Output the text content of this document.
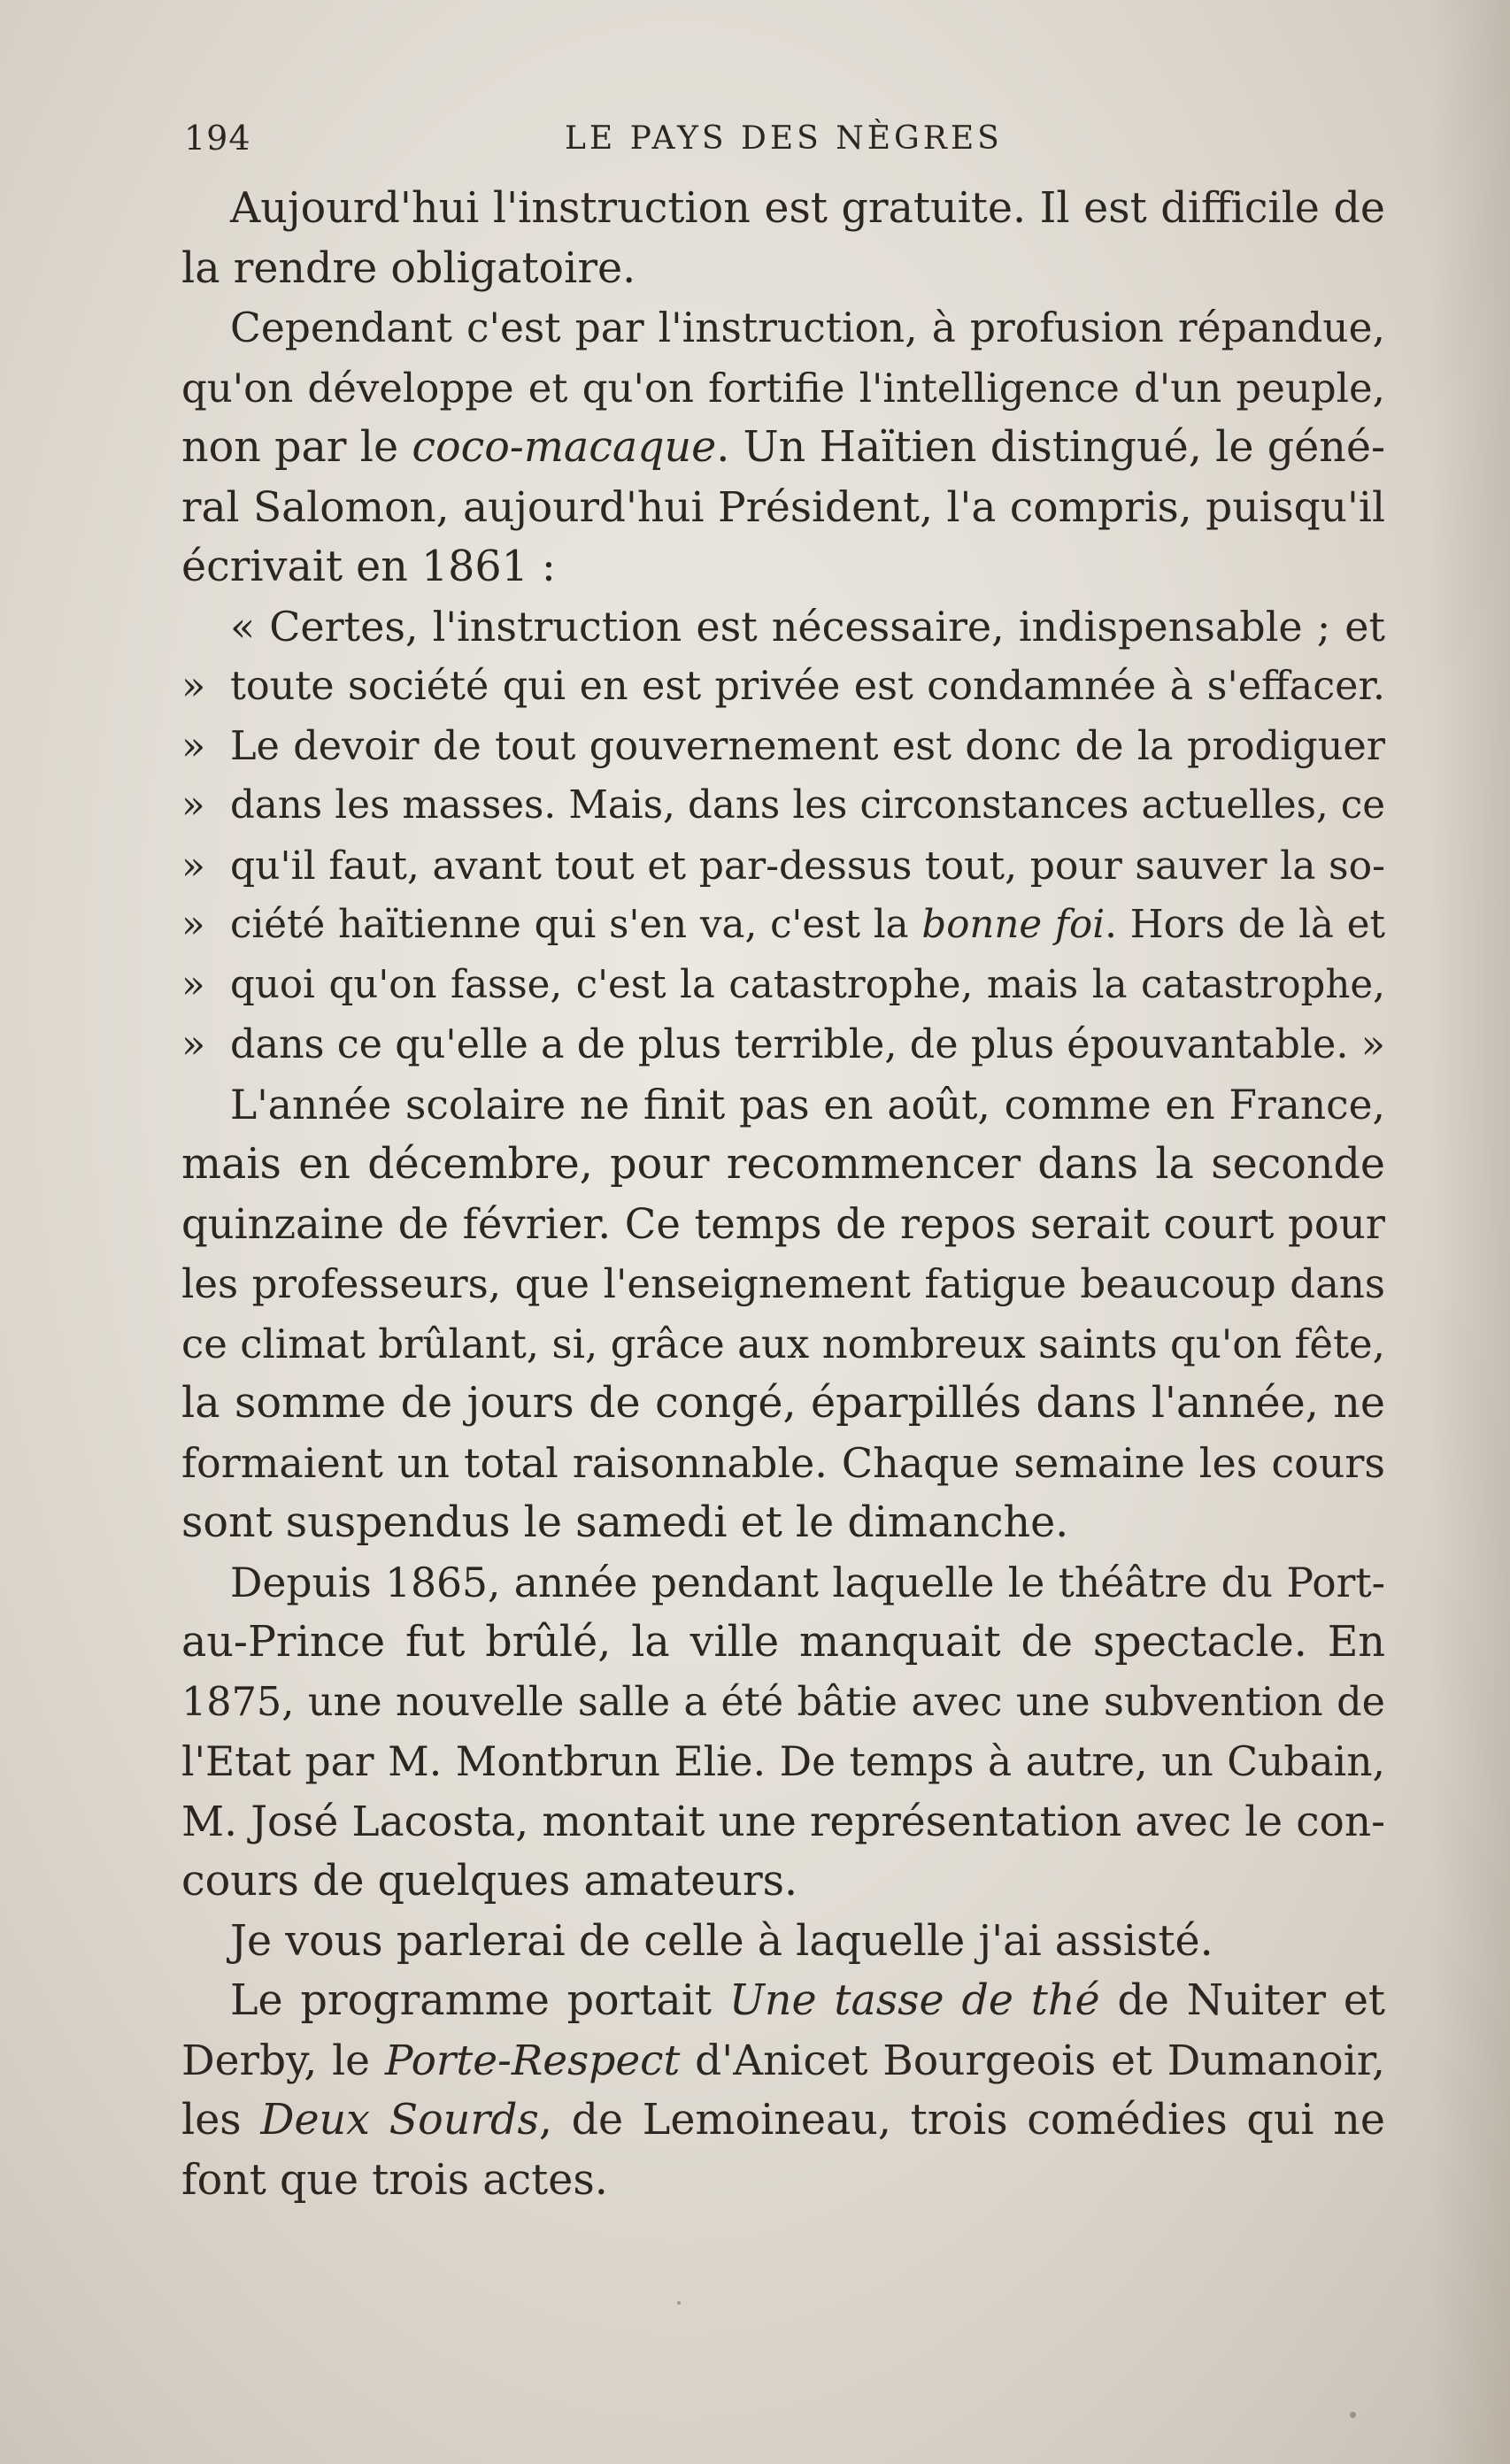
194	LE PAYS DES NÈGRES
Aujourd'hui l'instruction est gratuite. Il est difficile de
la rendre obligatoire.
Cependant c'est par l'instruction, à profusion répandue,
qu'on développe et qu'on fortifie l'intelligence d'un peuple,
non par le coco-macaque. Un Haïtien distingué, le géné-
ral Salomon, aujourd'hui Président, l'a compris, puisqu'il
écrivait en 1861 :
« Certes, l'instruction est nécessaire, indispensable ; et
» toute société qui en est privée est condamnée à s'effacer.
» Le devoir de tout gouvernement est donc de la prodiguer
» dans les masses. Mais, dans les circonstances actuelles, ce
» qu'il faut, avant tout et par-dessus tout, pour sauver la so-
» ciété haïtienne qui s'en va, c'est la bonne foi. Hors de là et
» quoi qu'on fasse, c'est la catastrophe, mais la catastrophe,
» dans ce qu'elle a de plus terrible, de plus épouvantable. »
L'année scolaire ne finit pas en août, comme en France,
mais en décembre, pour recommencer dans la seconde
quinzaine de février. Ce temps de repos serait court pour
les professeurs, que l'enseignement fatigue beaucoup dans
ce climat brûlant, si, grâce aux nombreux saints qu'on fête,
la somme de jours de congé, éparpillés dans l'année, ne
formaient un total raisonnable. Chaque semaine les cours
sont suspendus le samedi et le dimanche.
Depuis 1865, année pendant laquelle le théâtre du Port-
au-Prince fut brûlé, la ville manquait de spectacle. En
1875, une nouvelle salle a été bâtie avec une subvention de
l'Etat par M. Montbrun Elie. De temps à autre, un Cubain,
M. José Lacosta, montait une représentation avec le con-
cours de quelques amateurs.
Je vous parlerai de celle à laquelle j'ai assisté.
Le programme portait Une tasse de thé de Nuiter et
Derby, le Porte-Respect d'Anicet Bourgeois et Dumanoir,
les Deux Sourds, de Lemoineau, trois comédies qui ne
font que trois actes.
